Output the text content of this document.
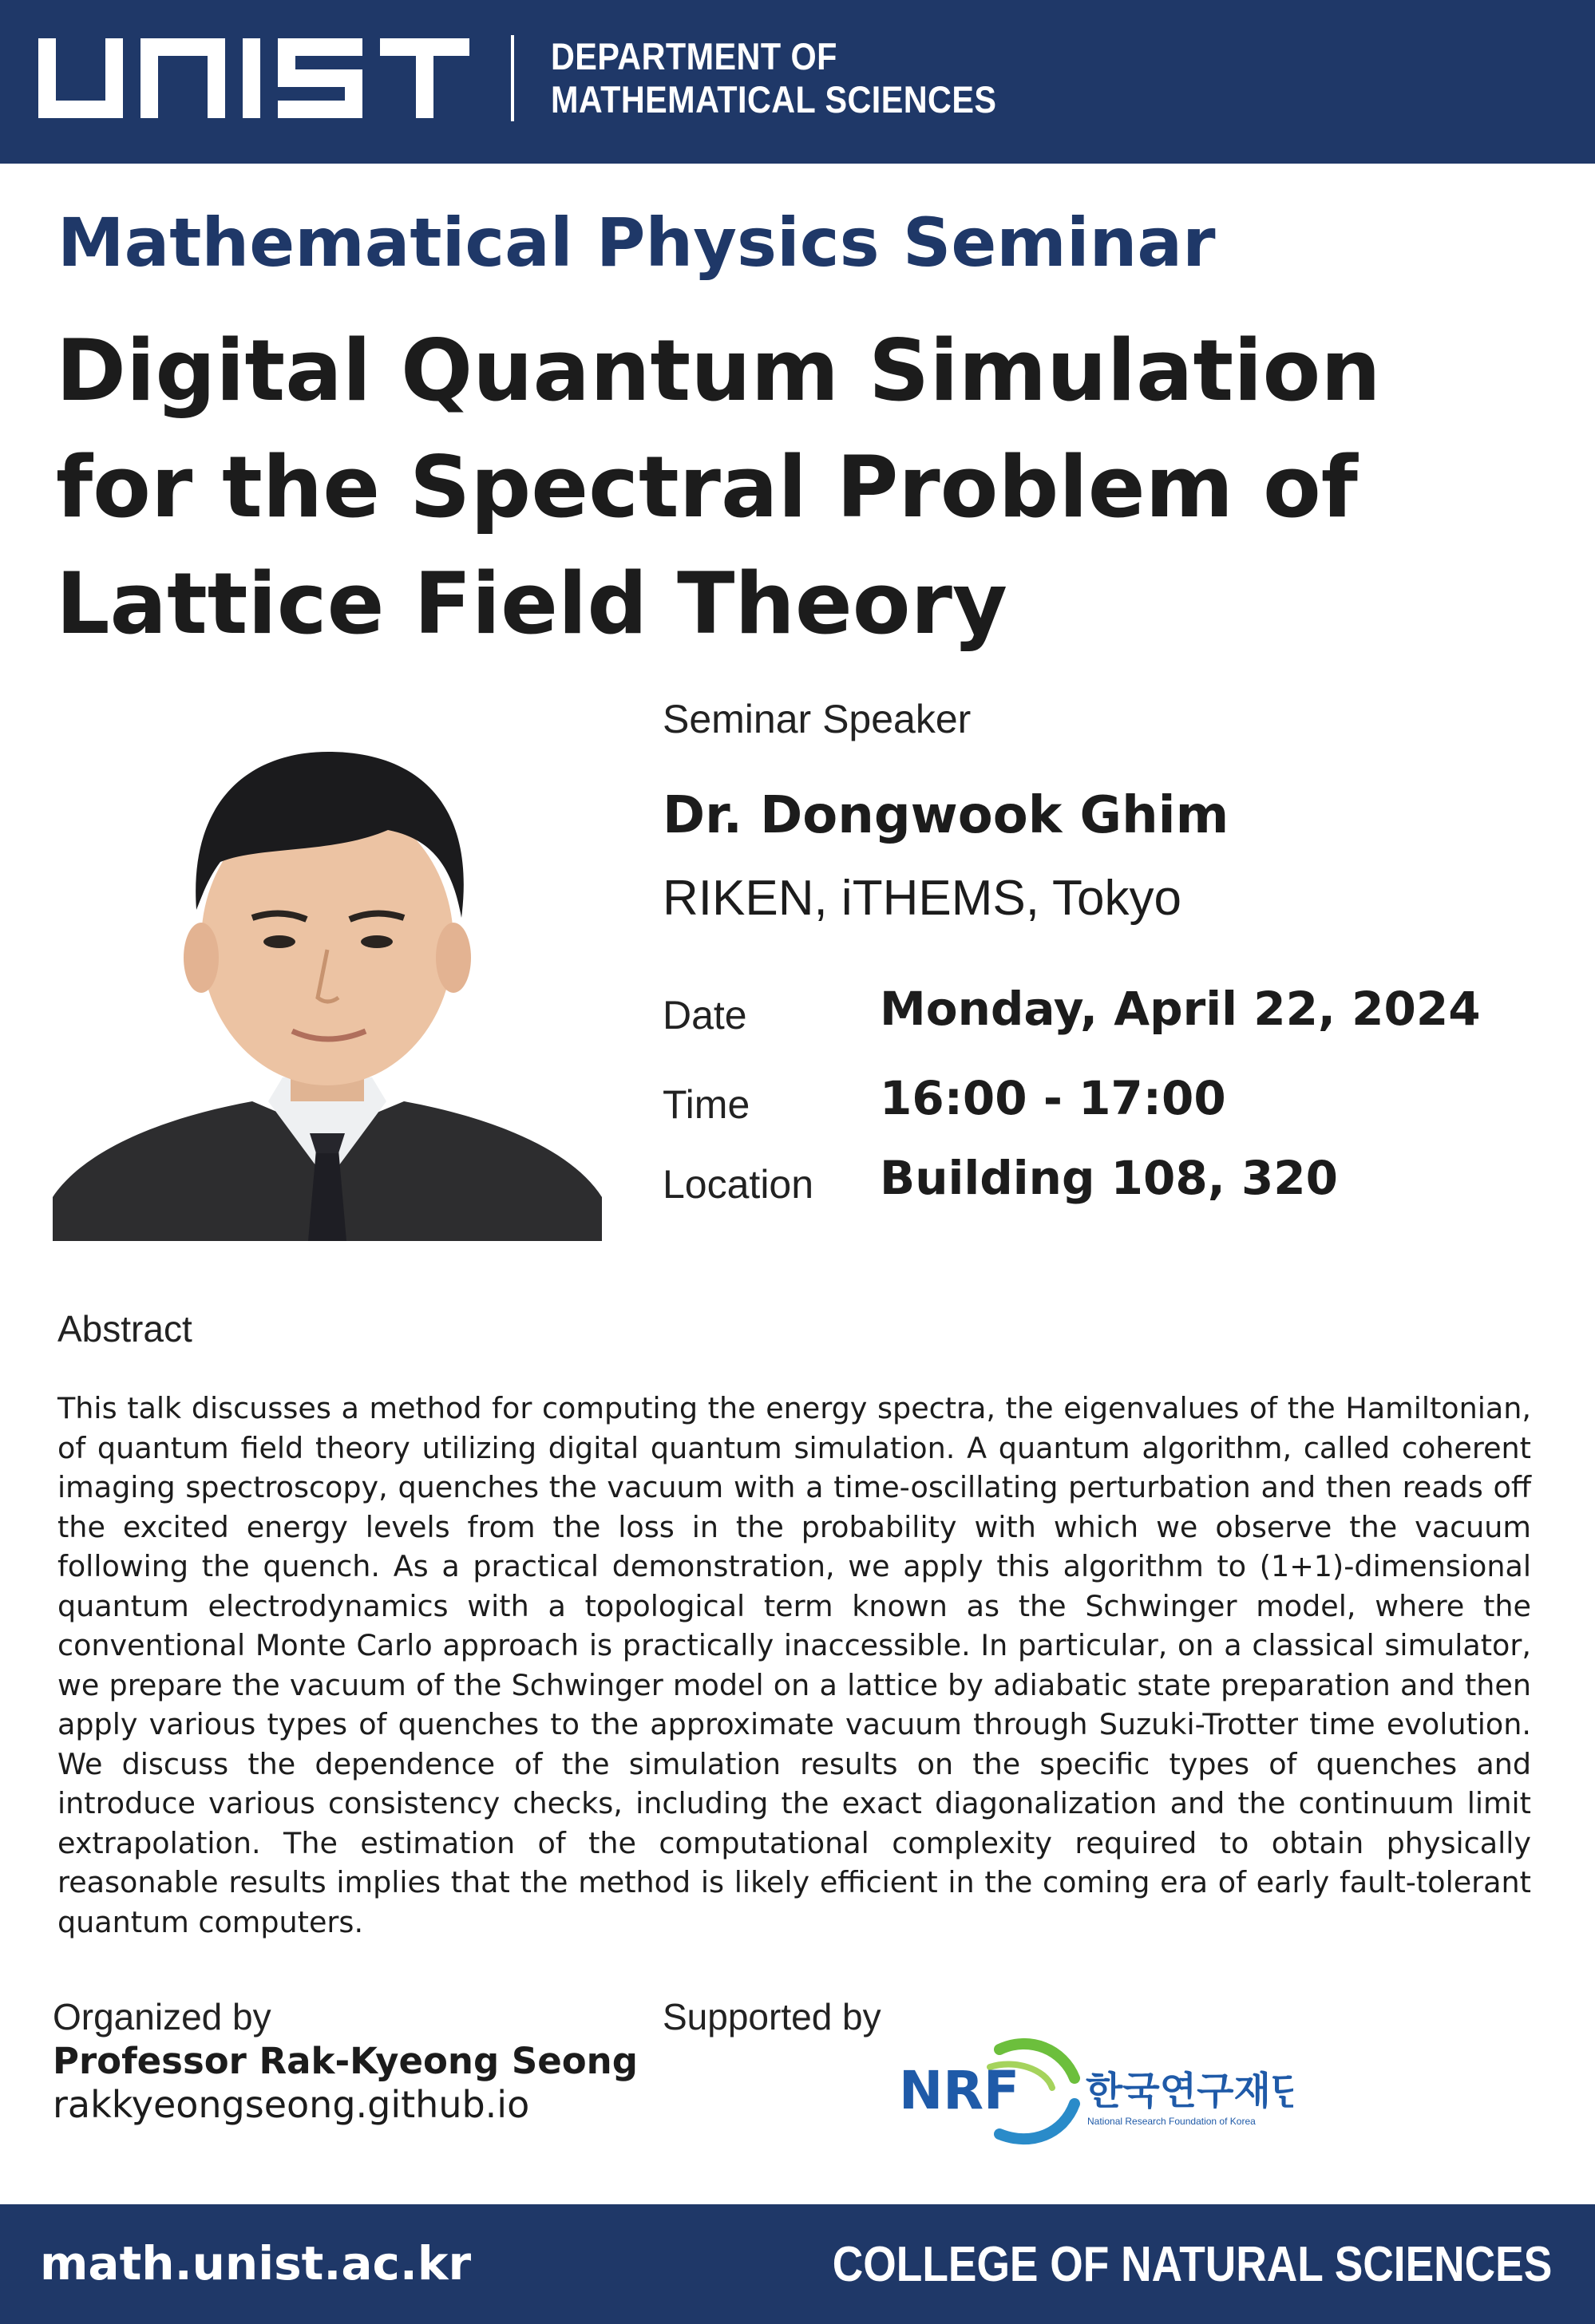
DEPARTMENT OF
MATHEMATICAL SCIENCES
Mathematical Physics Seminar
Digital Quantum Simulation
for the Spectral Problem of
Lattice Field Theory
Seminar Speaker
Dr. Dongwook Ghim
RIKEN, iTHEMS, Tokyo
Date	Monday, April 22, 2024
Time	16:00 - 17:00
Location Building 108, 320
Abstract
This talk discusses a method for computing the energy spectra, the eigenvalues of the Hamiltonian, of quantum field theory utilizing digital quantum simulation. A quantum algorithm, called coherent imaging spectroscopy, quenches the vacuum with a time-oscillating perturbation and then reads off the excited energy levels from the loss in the probability with which we observe the vacuum following the quench. As a practical demonstration, we apply this algorithm to (1+1)-dimensional quantum electrodynamics with a topological term known as the Schwinger model, where the conventional Monte Carlo approach is practically inaccessible. In particular, on a classical simulator, we prepare the vacuum of the Schwinger model on a lattice by adiabatic state preparation and then apply various types of quenches to the approximate vacuum through Suzuki-Trotter time evolution. We discuss the dependence of the simulation results on the specific types of quenches and introduce various consistency checks, including the exact diagonalization and the continuum limit extrapolation. The estimation of the computational complexity required to obtain physically reasonable results implies that the method is likely efficient in the coming era of early fault-tolerant quantum computers.
Organized by
Professor Rak-Kyeong Seong
rakkyeongseong.github.io
Supported by
NRF 한국연구재단
National Research Foundation of Korea
math.unist.ac.kr	COLLEGE OF NATURAL SCIENCES
